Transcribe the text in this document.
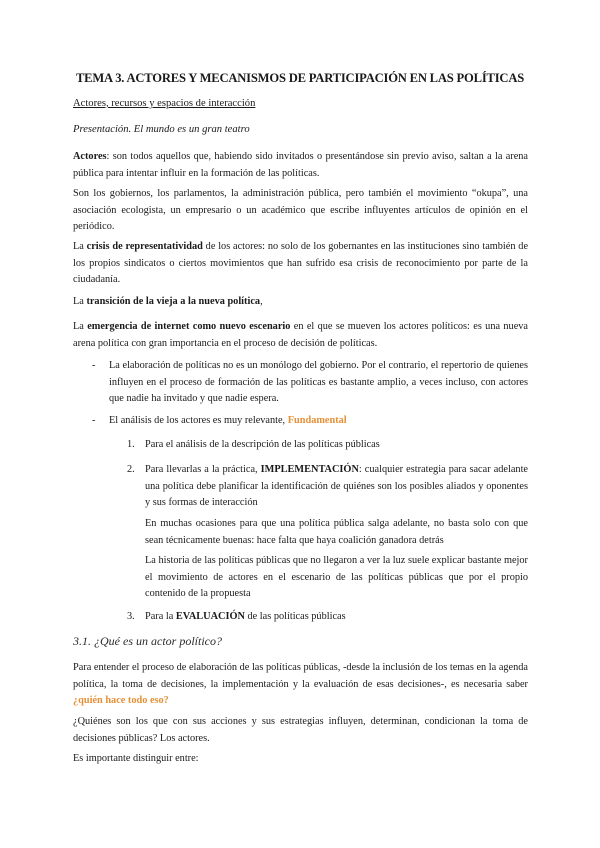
TEMA 3. ACTORES Y MECANISMOS DE PARTICIPACIÓN EN LAS POLÍTICAS
Actores, recursos y espacios de interacción
Presentación. El mundo es un gran teatro

Actores: son todos aquellos que, habiendo sido invitados o presentándose sin previo aviso, saltan a la arena pública para intentar influir en la formación de las políticas.

Son los gobiernos, los parlamentos, la administración pública, pero también el movimiento “okupa”, una asociación ecologista, un empresario o un académico que escribe influyentes artículos de opinión en el periódico.

La crisis de representatividad de los actores: no solo de los gobernantes en las instituciones sino también de los propios sindicatos o ciertos movimientos que han sufrido esa crisis de reconocimiento por parte de la ciudadanía.

La transición de la vieja a la nueva política,

La emergencia de internet como nuevo escenario en el que se mueven los actores políticos: es una nueva arena política con gran importancia en el proceso de decisión de políticas.

- La elaboración de políticas no es un monólogo del gobierno. Por el contrario, el repertorio de quienes influyen en el proceso de formación de las políticas es bastante amplio, a veces incluso, con actores que nadie ha invitado y que nadie espera.

- El análisis de los actores es muy relevante, Fundamental

1. Para el análisis de la descripción de las políticas públicas

2. Para llevarlas a la práctica, IMPLEMENTACIÓN: cualquier estrategia para sacar adelante una política debe planificar la identificación de quiénes son los posibles aliados y oponentes y sus formas de interacción

En muchas ocasiones para que una política pública salga adelante, no basta solo con que sean técnicamente buenas: hace falta que haya coalición ganadora detrás

La historia de las políticas públicas que no llegaron a ver la luz suele explicar bastante mejor el movimiento de actores en el escenario de las políticas públicas que por el propio contenido de la propuesta

3. Para la EVALUACIÓN de las políticas públicas

3.1. ¿Qué es un actor político?

Para entender el proceso de elaboración de las políticas públicas, -desde la inclusión de los temas en la agenda política, la toma de decisiones, la implementación y la evaluación de esas decisiones-, es necesaria saber ¿quién hace todo eso?

¿Quiénes son los que con sus acciones y sus estrategias influyen, determinan, condicionan la toma de decisiones públicas? Los actores.

Es importante distinguir entre:
